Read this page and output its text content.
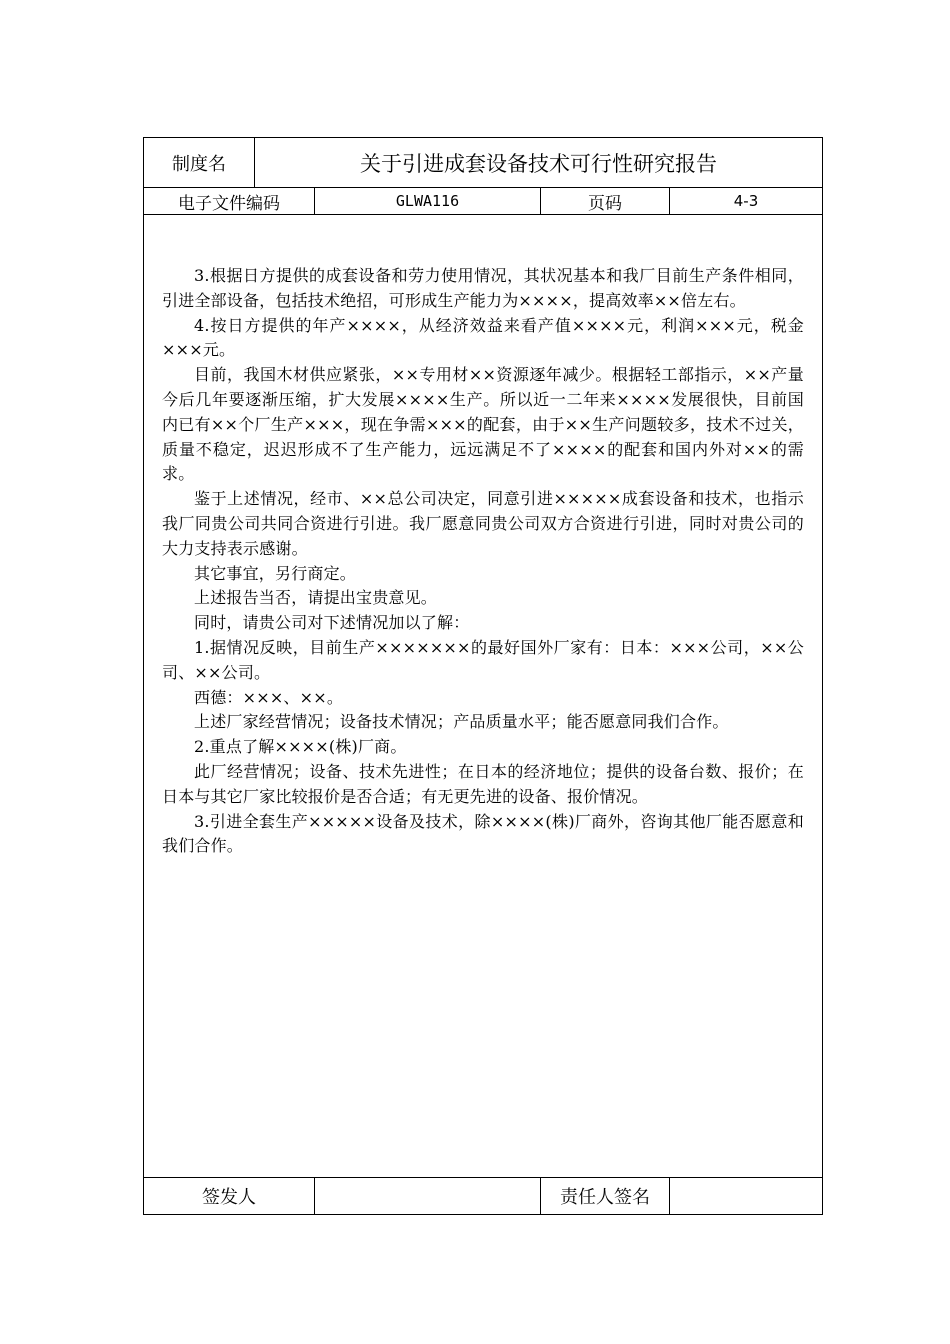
制度名	关于引进成套设备技术可行性研究报告
电子文件编码	GLWA116	页码	4-3

3.根据日方提供的成套设备和劳力使用情况，其状况基本和我厂目前生产条件相同，引进全部设备，包括技术绝招，可形成生产能力为××××，提高效率××倍左右。

4.按日方提供的年产××××，从经济效益来看产值××××元，利润×××元，税金×××元。

目前，我国木材供应紧张，××专用材××资源逐年减少。根据轻工部指示，××产量今后几年要逐渐压缩，扩大发展××××生产。所以近一二年来××××发展很快，目前国内已有××个厂生产×××，现在争需×××的配套，由于××生产问题较多，技术不过关，质量不稳定，迟迟形成不了生产能力，远远满足不了××××的配套和国内外对××的需求。

鉴于上述情况，经市、××总公司决定，同意引进×××××成套设备和技术，也指示我厂同贵公司共同合资进行引进。我厂愿意同贵公司双方合资进行引进，同时对贵公司的大力支持表示感谢。

其它事宜，另行商定。

上述报告当否，请提出宝贵意见。

同时，请贵公司对下述情况加以了解：

1.据情况反映，目前生产×××××××的最好国外厂家有：日本：×××公司，××公司、××公司。

西德：×××、××。

上述厂家经营情况；设备技术情况；产品质量水平；能否愿意同我们合作。

2.重点了解××××(株)厂商。

此厂经营情况；设备、技术先进性；在日本的经济地位；提供的设备台数、报价；在日本与其它厂家比较报价是否合适；有无更先进的设备、报价情况。

3.引进全套生产×××××设备及技术，除××××(株)厂商外，咨询其他厂能否愿意和我们合作。

签发人	责任人签名
